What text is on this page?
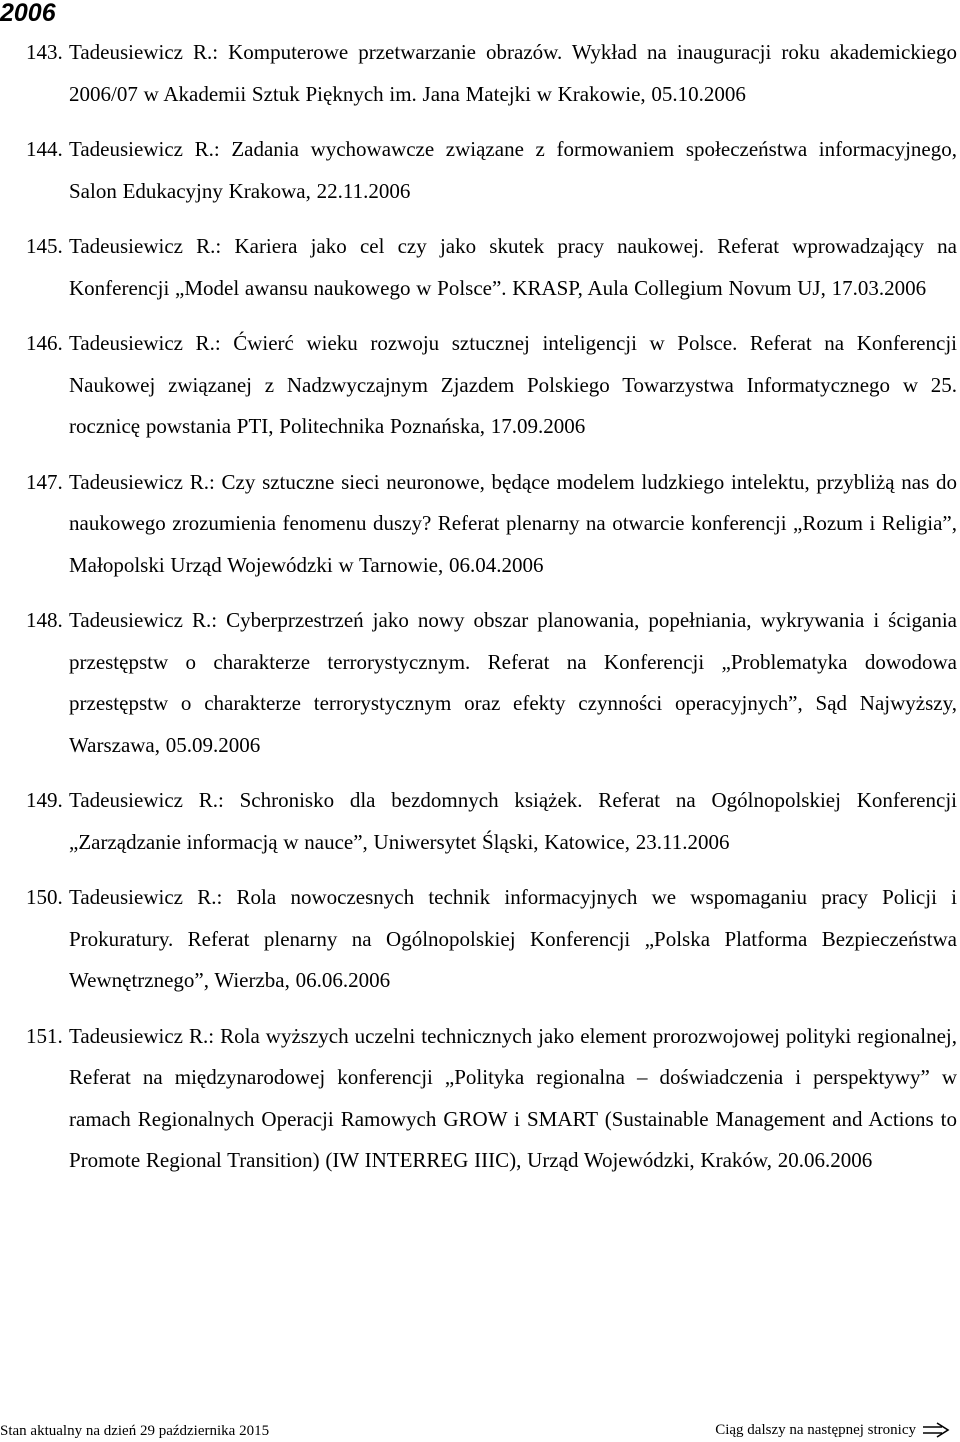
2006
143. Tadeusiewicz R.: Komputerowe przetwarzanie obrazów. Wykład na inauguracji roku akademickiego 2006/07 w Akademii Sztuk Pięknych im. Jana Matejki w Krakowie, 05.10.2006
144. Tadeusiewicz R.: Zadania wychowawcze związane z formowaniem społeczeństwa informacyjnego, Salon Edukacyjny Krakowa, 22.11.2006
145. Tadeusiewicz R.: Kariera jako cel czy jako skutek pracy naukowej. Referat wprowadzający na Konferencji „Model awansu naukowego w Polsce”. KRASP, Aula Collegium Novum UJ, 17.03.2006
146. Tadeusiewicz R.: Ćwierć wieku rozwoju sztucznej inteligencji w Polsce. Referat na Konferencji Naukowej związanej z Nadzwyczajnym Zjazdem Polskiego Towarzystwa Informatycznego w 25. rocznicę powstania PTI, Politechnika Poznańska, 17.09.2006
147. Tadeusiewicz R.: Czy sztuczne sieci neuronowe, będące modelem ludzkiego intelektu, przybliżą nas do naukowego zrozumienia fenomenu duszy? Referat plenarny na otwarcie konferencji „Rozum i Religia”, Małopolski Urząd Wojewódzki w Tarnowie, 06.04.2006
148. Tadeusiewicz R.: Cyberprzestrzeń jako nowy obszar planowania, popełniania, wykrywania i ścigania przestępstw o charakterze terrorystycznym. Referat na Konferencji „Problematyka dowodowa przestępstw o charakterze terrorystycznym oraz efekty czynności operacyjnych”, Sąd Najwyższy, Warszawa, 05.09.2006
149. Tadeusiewicz R.: Schronisko dla bezdomnych książek. Referat na Ogólnopolskiej Konferencji „Zarządzanie informacją w nauce”, Uniwersytet Śląski, Katowice, 23.11.2006
150. Tadeusiewicz R.: Rola nowoczesnych technik informacyjnych we wspomaganiu pracy Policji i Prokuratury. Referat plenarny na Ogólnopolskiej Konferencji „Polska Platforma Bezpieczeństwa Wewnętrznego”, Wierzba, 06.06.2006
151. Tadeusiewicz R.: Rola wyższych uczelni technicznych jako element prorozwojowej polityki regionalnej, Referat na międzynarodowej konferencji „Polityka regionalna – doświadczenia i perspektywy” w ramach Regionalnych Operacji Ramowych GROW i SMART (Sustainable Management and Actions to Promote Regional Transition) (IW INTERREG IIIC), Urząd Wojewódzki, Kraków, 20.06.2006
Stan aktualny na dzień 29 października 2015	Ciąg dalszy na następnej stronicy
